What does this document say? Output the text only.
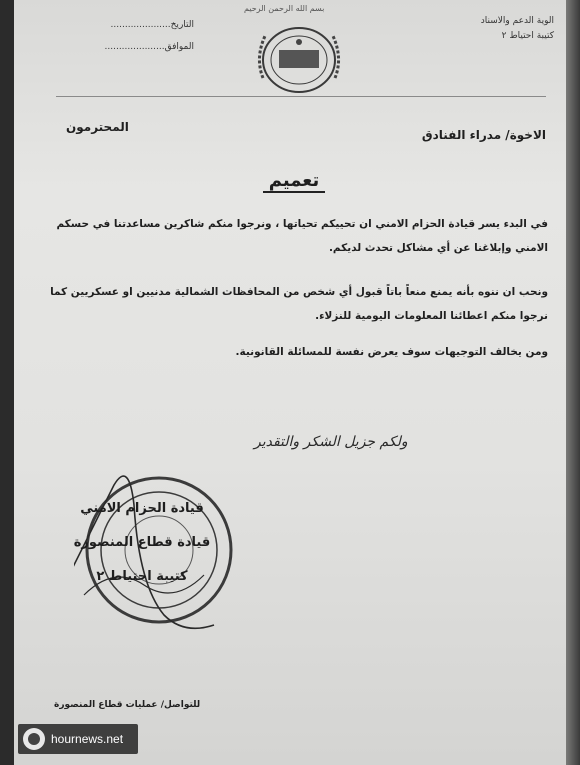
بسم الله الرحمن الرحيم
الوية الدعم والاسناد
كتيبة احتياط ٢
التاريخ.....................
الموافق.....................
الاخوة/ مدراء الفنادق
المحترمون
تعميم
في البدء يسر قيادة الحزام الامني ان تحييكم تحياتها ، ونرجوا منكم شاكرين مساعدتنا في حسكم الامني وإبلاغنا عن أي مشاكل تحدث لديكم.
ونحب ان ننوه بأنه يمنع منعاً باتاً قبول أي شخص من المحافظات الشمالية مدنيين او عسكريين كما نرجوا منكم اعطائنا المعلومات اليومية للنزلاء.
ومن يخالف التوجيهات سوف يعرض نفسة للمسائلة القانونية.
ولكم جزيل الشكر والتقدير
قيادة الحزام الامني
قيادة قطاع المنصورة
كتيبة احتياط ٢
للتواصل/ عمليات قطاع المنصورة
hournews.net
